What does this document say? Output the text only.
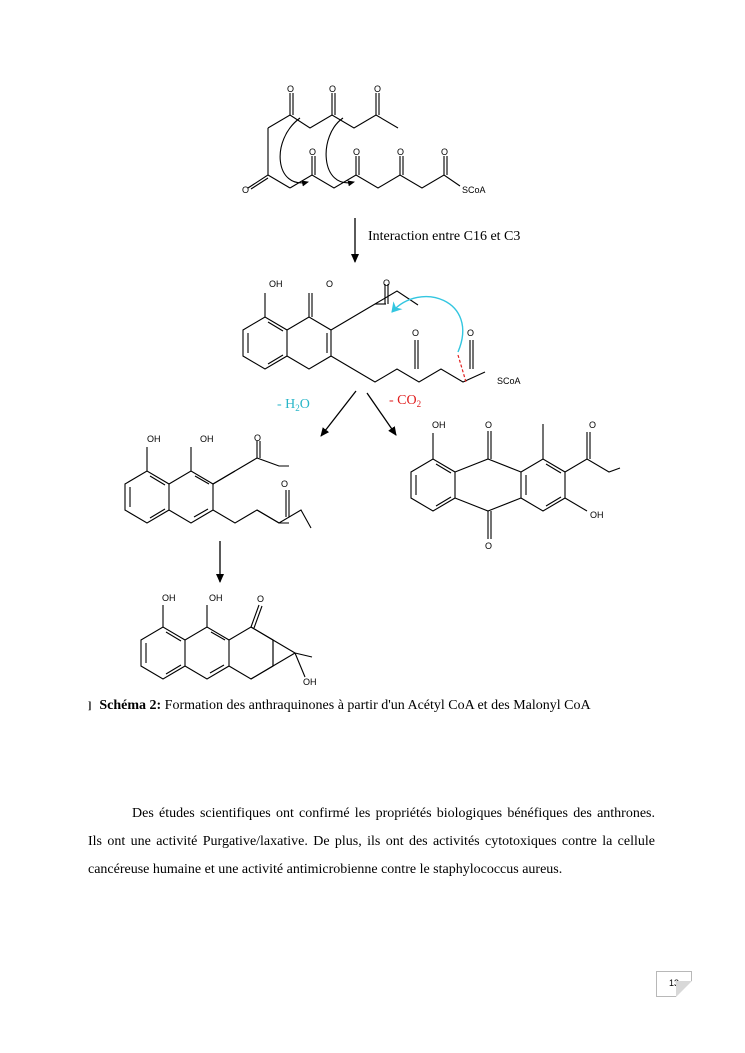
O	O	O
O	O	O	O
O	SCoA
Interaction entre C16 et C3
OH	O	O
O	O
SCoA
- $H_2O$	- $CO_2$
OH	OH	O
O
OH	O
O
O
OH
OH	OH	O
OH
] Schéma 2: Formation des anthraquinones à partir d'un Acétyl CoA et des Malonyl CoA

Des études scientifiques ont confirmé les propriétés biologiques bénéfiques des anthrones. Ils ont une activité Purgative/laxative. De plus, ils ont des activités cytotoxiques contre la cellule cancéreuse humaine et une activité antimicrobienne contre le staphylococcus aureus.

13
